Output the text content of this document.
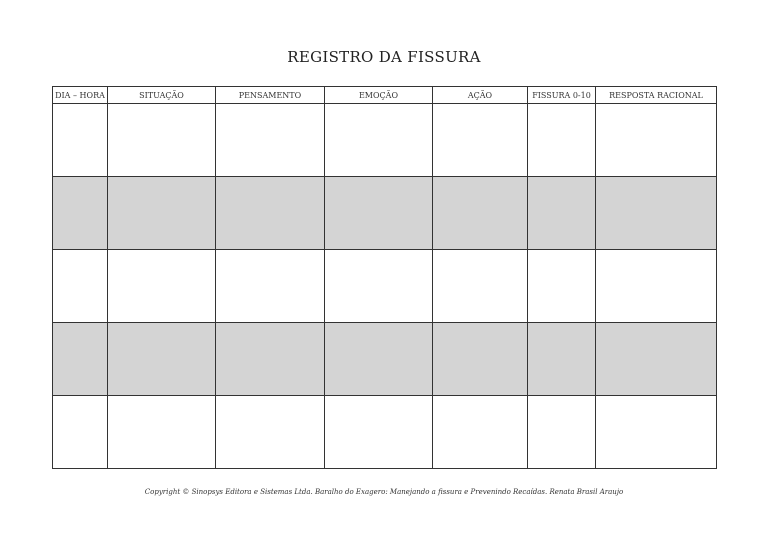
REGISTRO DA FISSURA
DIA – HORA	SITUAÇÃO	PENSAMENTO	EMOÇÃO	AÇÃO	FISSURA 0-10	RESPOSTA RACIONAL

Copyright © Sinopsys Editora e Sistemas Ltda. Baralho do Exagero: Manejando a fissura e Prevenindo Recaídas. Renata Brasil Araujo
